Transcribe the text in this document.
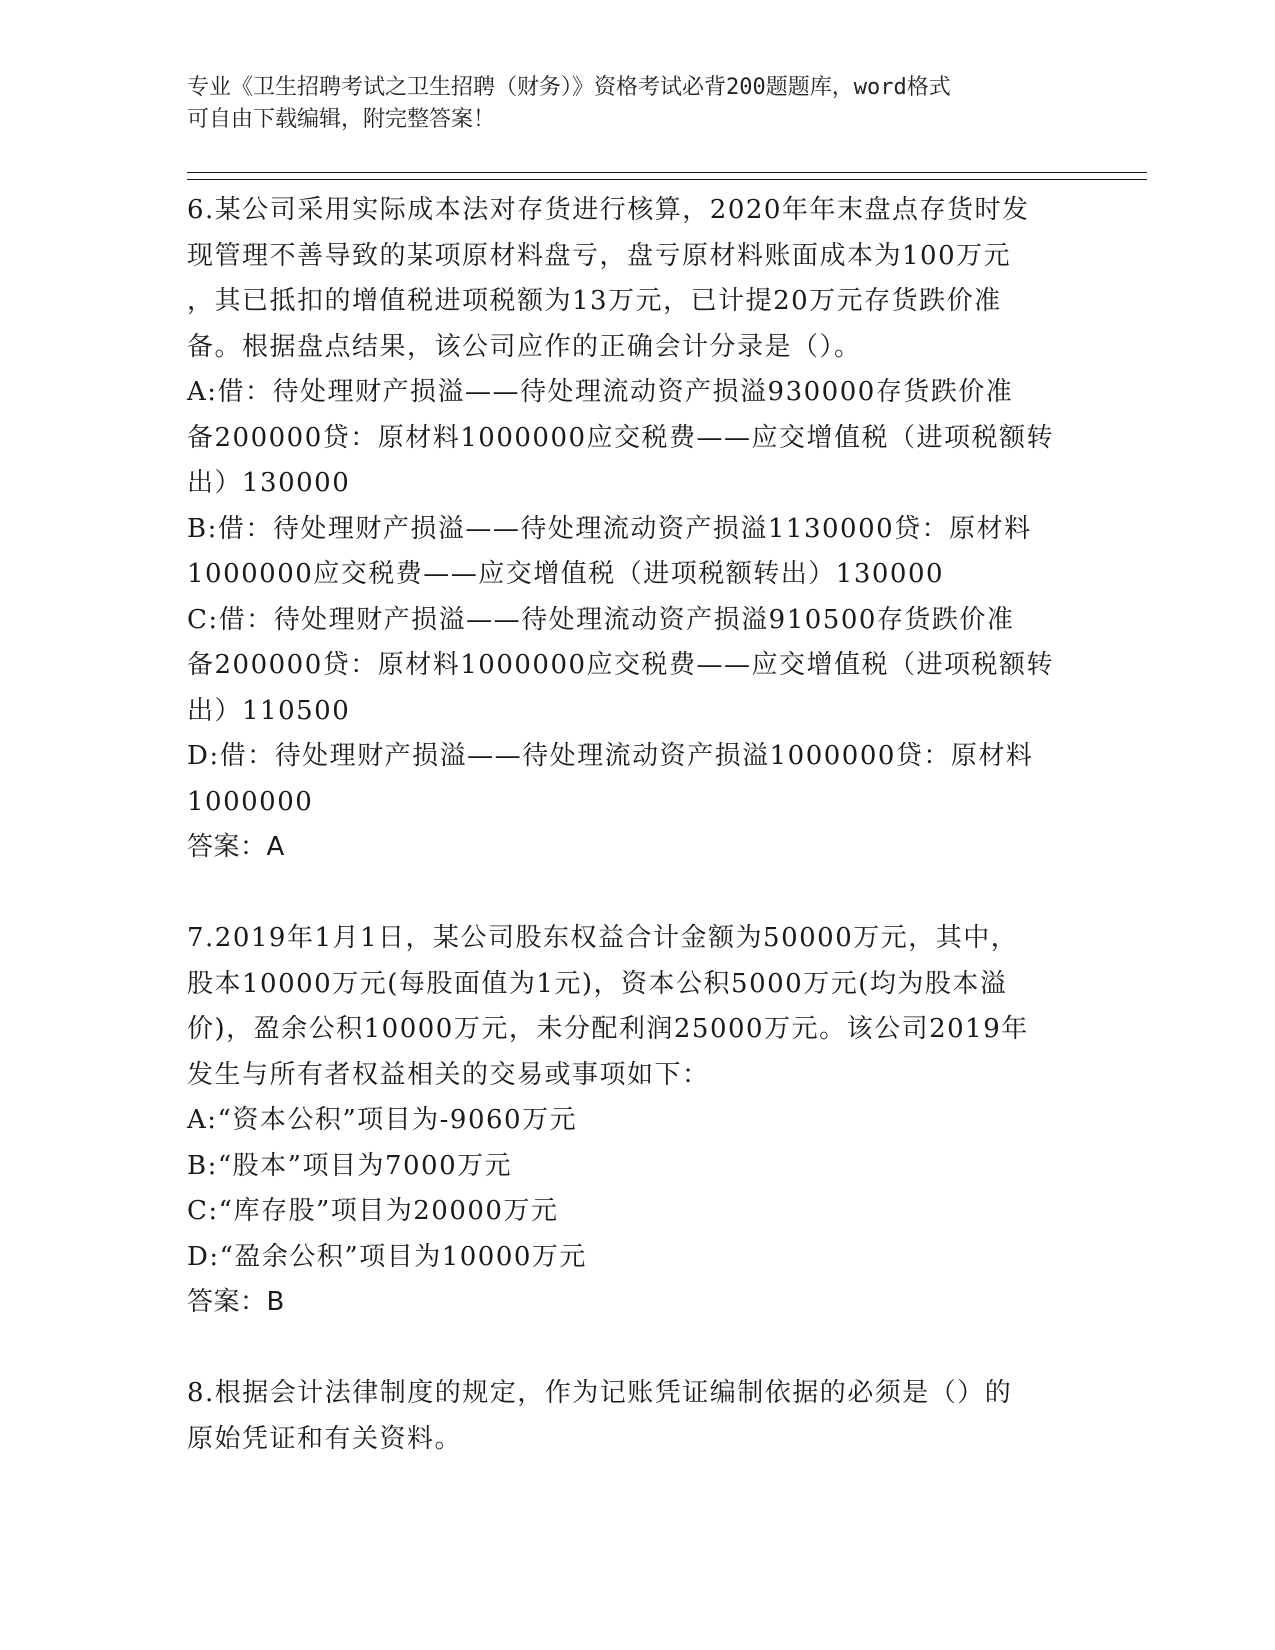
专业《卫生招聘考试之卫生招聘（财务）》资格考试必背200题题库，word格式

可自由下载编辑，附完整答案！

6.某公司采用实际成本法对存货进行核算，2020年年末盘点存货时发

现管理不善导致的某项原材料盘亏，盘亏原材料账面成本为100万元

，其已抵扣的增值税进项税额为13万元，已计提20万元存货跌价准

备。根据盘点结果，该公司应作的正确会计分录是（）。

A:借：待处理财产损溢——待处理流动资产损溢930000存货跌价准

备200000贷：原材料1000000应交税费——应交增值税（进项税额转

出）130000

B:借：待处理财产损溢——待处理流动资产损溢1130000贷：原材料

1000000应交税费——应交增值税（进项税额转出）130000

C:借：待处理财产损溢——待处理流动资产损溢910500存货跌价准

备200000贷：原材料1000000应交税费——应交增值税（进项税额转

出）110500

D:借：待处理财产损溢——待处理流动资产损溢1000000贷：原材料

1000000

答案：A

7.2019年1月1日，某公司股东权益合计金额为50000万元，其中，

股本10000万元(每股面值为1元)，资本公积5000万元(均为股本溢

价)，盈余公积10000万元，未分配利润25000万元。该公司2019年

发生与所有者权益相关的交易或事项如下：

A:“资本公积”项目为-9060万元

B:“股本”项目为7000万元

C:“库存股”项目为20000万元

D:“盈余公积”项目为10000万元

答案：B

8.根据会计法律制度的规定，作为记账凭证编制依据的必须是（）的

原始凭证和有关资料。
